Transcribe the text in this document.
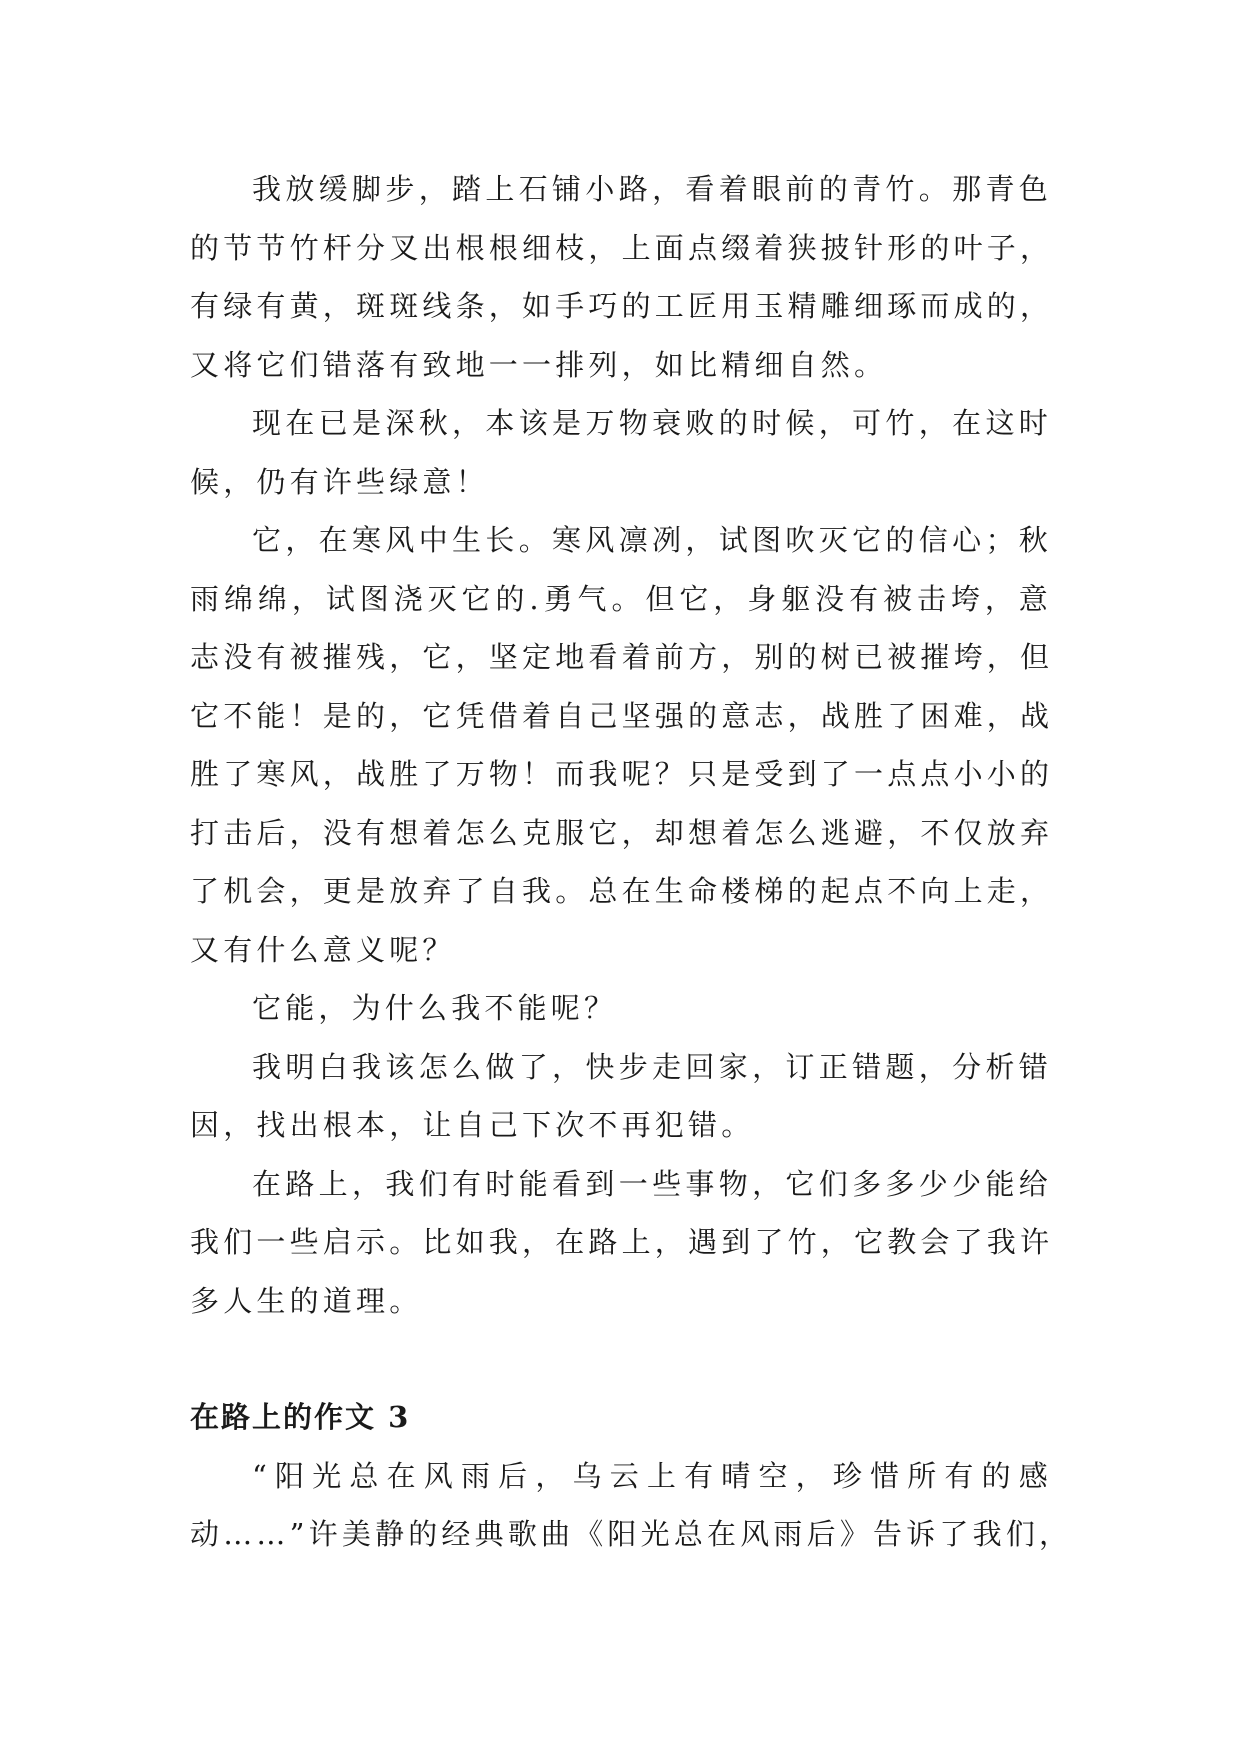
我放缓脚步，踏上石铺小路，看着眼前的青竹。那青色
的节节竹杆分叉出根根细枝，上面点缀着狭披针形的叶子，
有绿有黄，斑斑线条，如手巧的工匠用玉精雕细琢而成的，
又将它们错落有致地一一排列，如比精细自然。

现在已是深秋，本该是万物衰败的时候，可竹，在这时
候，仍有许些绿意！

它，在寒风中生长。寒风凛冽，试图吹灭它的信心；秋
雨绵绵，试图浇灭它的.勇气。但它，身躯没有被击垮，意
志没有被摧残，它，坚定地看着前方，别的树已被摧垮，但
它不能！是的，它凭借着自己坚强的意志，战胜了困难，战
胜了寒风，战胜了万物！而我呢？只是受到了一点点小小的
打击后，没有想着怎么克服它，却想着怎么逃避，不仅放弃
了机会，更是放弃了自我。总在生命楼梯的起点不向上走，
又有什么意义呢？

它能，为什么我不能呢？

我明白我该怎么做了，快步走回家，订正错题，分析错
因，找出根本，让自己下次不再犯错。

在路上，我们有时能看到一些事物，它们多多少少能给
我们一些启示。比如我，在路上，遇到了竹，它教会了我许
多人生的道理。

在路上的作文 3

“阳光总在风雨后，乌云上有晴空，珍惜所有的感
动……”许美静的经典歌曲《阳光总在风雨后》告诉了我们，
